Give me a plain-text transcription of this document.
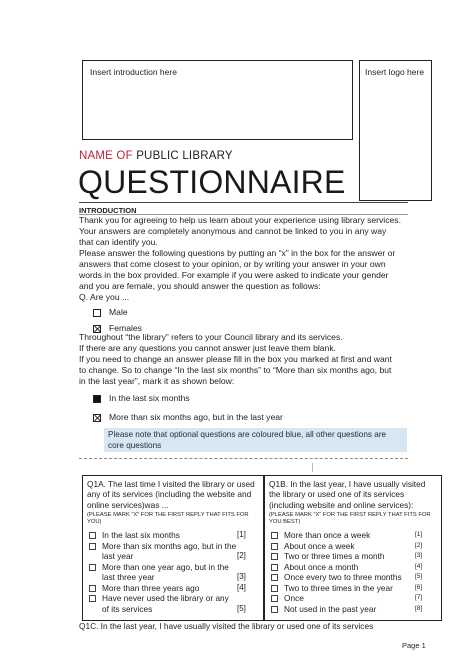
Insert introduction here	Insert logo here
NAME OF PUBLIC LIBRARY
QUESTIONNAIRE
INTRODUCTION
Thank you for agreeing to help us learn about your experience using library services.
Your answers are completely anonymous and cannot be linked to you in any way
that can identify you.
Please answer the following questions by putting an “x” in the box for the answer or
answers that come closest to your opinion, or by writing your answer in your own
words in the box provided. For example if you were asked to indicate your gender
and you are female, you should answer the question as follows:
Q. Are you ...
Male
Females
Throughout “the library” refers to your Council library and its services.
If there are any questions you cannot answer just leave them blank.
If you need to change an answer please fill in the box you marked at first and want
to change. So to change “In the last six months” to “More than six months ago, but
in the last year”, mark it as shown below:
In the last six months
More than six months ago, but in the last year
Please note that optional questions are coloured blue, all other questions are core questions
Q1A. The last time I visited the library or used any of its services (including the website and online services)was ...
(PLEASE MARK “X” FOR THE FIRST REPLY THAT FITS FOR YOU)
In the last six months	[1]
More than six months ago, but in the last year	[2]
More than one year ago, but in the last three year	[3]
More than three years ago	[4]
Have never used the library or any of its services	[5]
Q1B. In the last year, I have usually visited the library or used one of its services (including website and online services):
(PLEASE MARK “X” FOR THE FIRST REPLY THAT FITS FOR YOU BEST)
More than once a week	[1]
About once a week	[2]
Two or three times a month	[3]
About once a month	[4]
Once every two to three months	[5]
Two to three times in the year	[6]
Once	[7]
Not used in the past year	[8]
Q1C. In the last year, I have usually visited the library or used one of its services
Page 1
